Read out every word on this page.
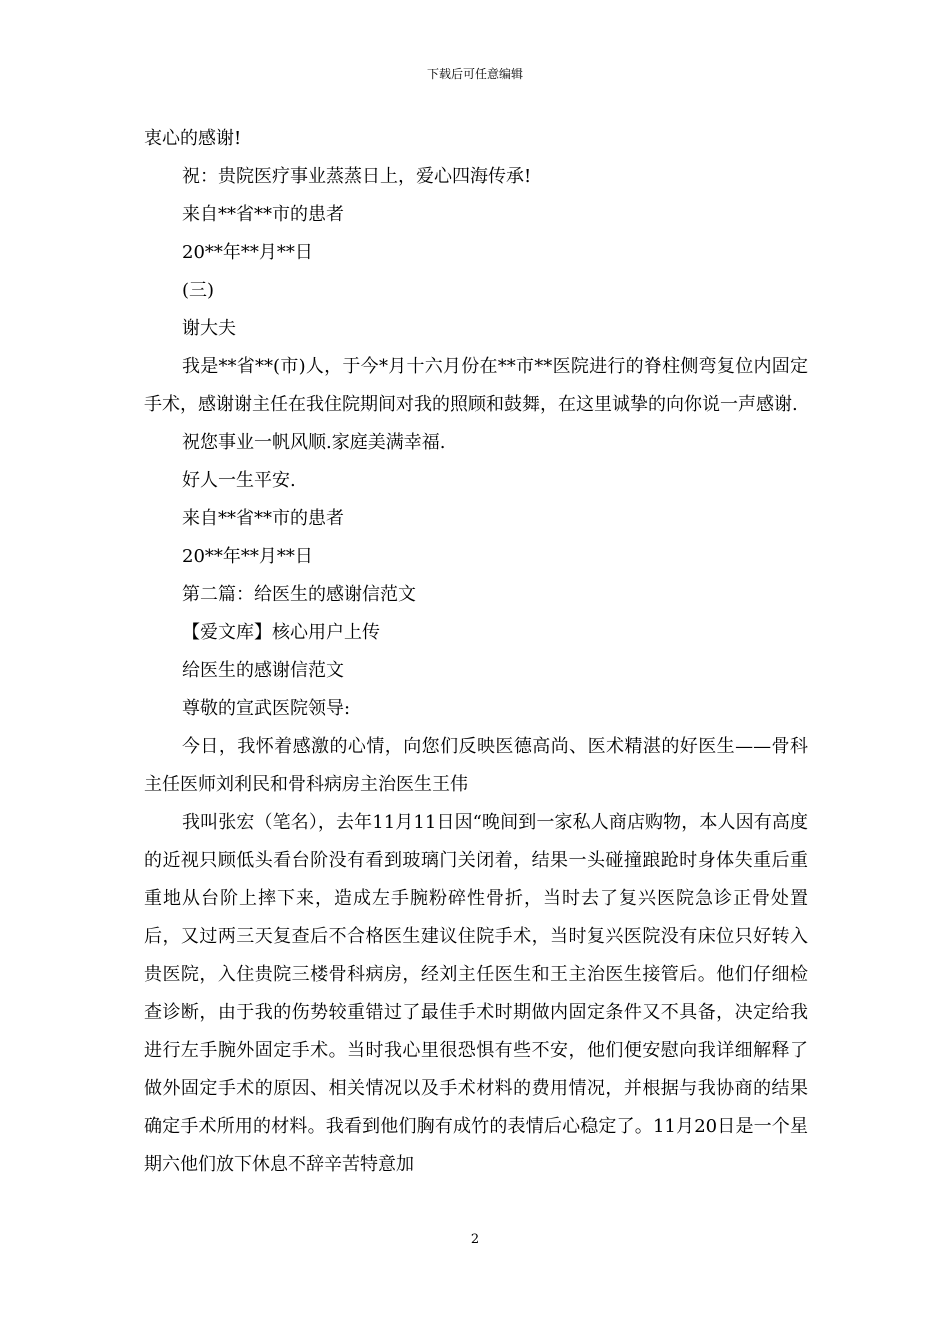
下载后可任意编辑

衷心的感谢!

祝：贵院医疗事业蒸蒸日上，爱心四海传承!

来自**省**市的患者

20**年**月**日

(三)

谢大夫

我是**省**(市)人，于今*月十六月份在**市**医院进行的脊柱侧弯复位内固定手术，感谢谢主任在我住院期间对我的照顾和鼓舞，在这里诚挚的向你说一声感谢.

祝您事业一帆风顺.家庭美满幸福.

好人一生平安.

来自**省**市的患者

20**年**月**日

第二篇：给医生的感谢信范文

【爱文库】核心用户上传

给医生的感谢信范文

尊敬的宣武医院领导:

今日，我怀着感激的心情，向您们反映医德高尚、医术精湛的好医生——骨科主任医师刘利民和骨科病房主治医生王伟

我叫张宏（笔名），去年11月11日因“晚间到一家私人商店购物，本人因有高度的近视只顾低头看台阶没有看到玻璃门关闭着，结果一头碰撞踉跄时身体失重后重重地从台阶上摔下来，造成左手腕粉碎性骨折，当时去了复兴医院急诊正骨处置后，又过两三天复查后不合格医生建议住院手术，当时复兴医院没有床位只好转入贵医院，入住贵院三楼骨科病房，经刘主任医生和王主治医生接管后。他们仔细检查诊断，由于我的伤势较重错过了最佳手术时期做内固定条件又不具备，决定给我进行左手腕外固定手术。当时我心里很恐惧有些不安，他们便安慰向我详细解释了做外固定手术的原因、相关情况以及手术材料的费用情况，并根据与我协商的结果确定手术所用的材料。我看到他们胸有成竹的表情后心稳定了。11月20日是一个星期六他们放下休息不辞辛苦特意加

2
